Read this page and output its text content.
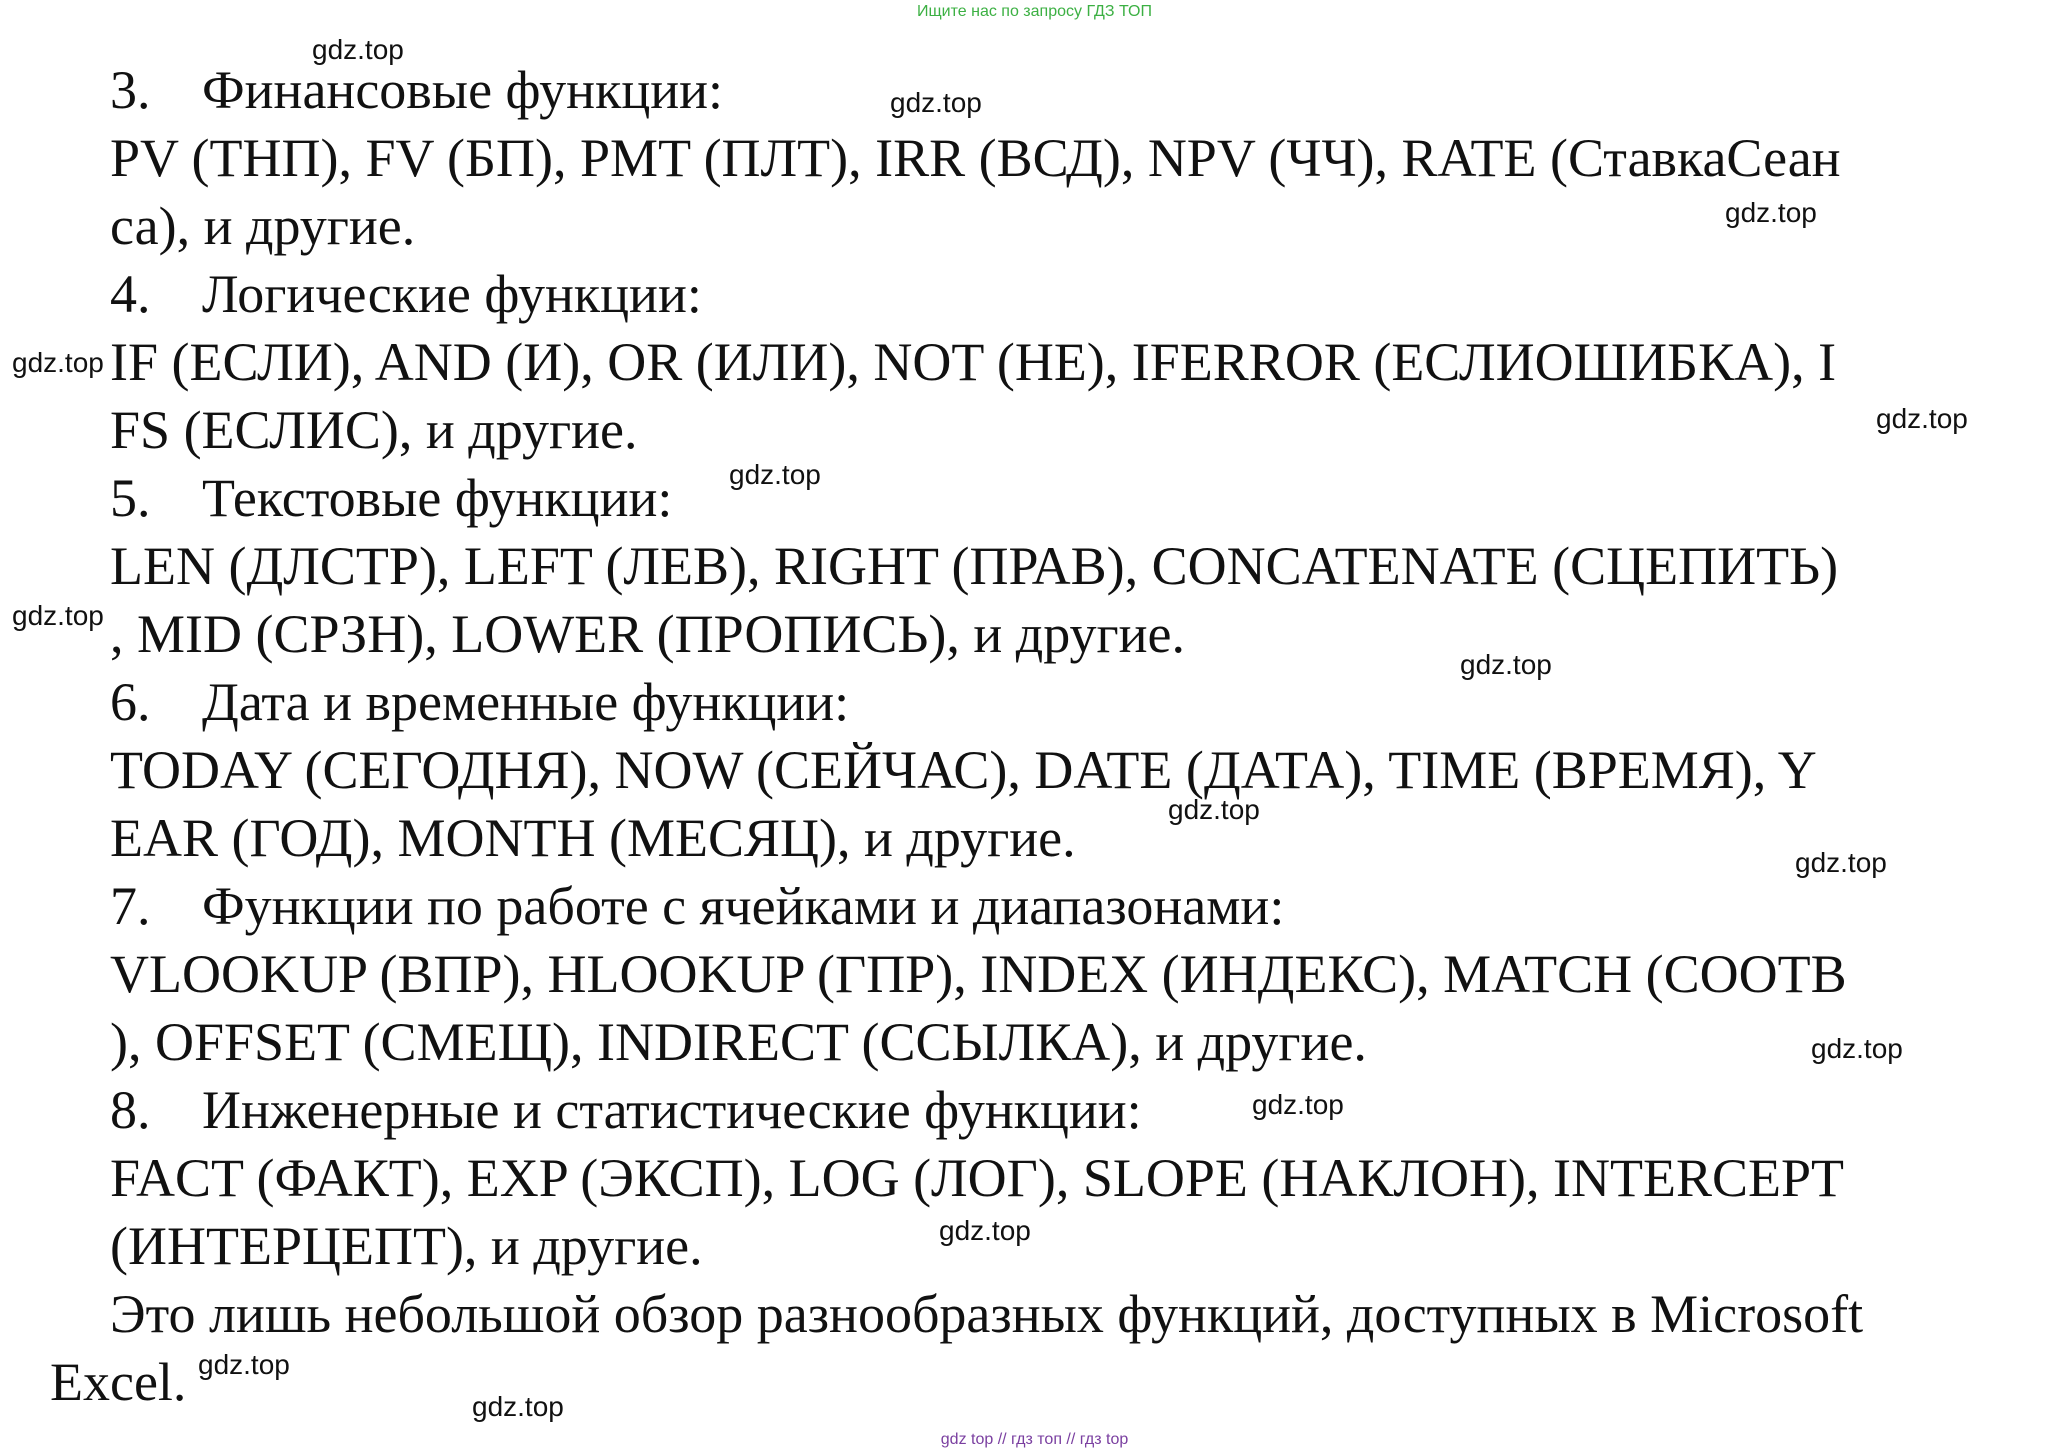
Ищите нас по запросу ГДЗ ТОП
3. Финансовые функции:
PV (ТНП), FV (БП), PMT (ПЛТ), IRR (ВСД), NPV (ЧЧ), RATE (СтавкаСеан
са), и другие.
4. Логические функции:
IF (ЕСЛИ), AND (И), OR (ИЛИ), NOT (НЕ), IFERROR (ЕСЛИОШИБКА), I
FS (ЕСЛИС), и другие.
5. Текстовые функции:
LEN (ДЛСТР), LEFT (ЛЕВ), RIGHT (ПРАВ), CONCATENATE (СЦЕПИТЬ)
, MID (СРЗН), LOWER (ПРОПИСЬ), и другие.
6. Дата и временные функции:
TODAY (СЕГОДНЯ), NOW (СЕЙЧАС), DATE (ДАТА), TIME (ВРЕМЯ), Y
EAR (ГОД), MONTH (МЕСЯЦ), и другие.
7. Функции по работе с ячейками и диапазонами:
VLOOKUP (ВПР), HLOOKUP (ГПР), INDEX (ИНДЕКС), MATCH (СООТВ
), OFFSET (СМЕЩ), INDIRECT (ССЫЛКА), и другие.
8. Инженерные и статистические функции:
FACT (ФАКТ), EXP (ЭКСП), LOG (ЛОГ), SLOPE (НАКЛОН), INTERCEPT
(ИНТЕРЦЕПТ), и другие.
Это лишь небольшой обзор разнообразных функций, доступных в Microsoft
Excel.
gdz.top
gdz.top
gdz.top
gdz.top
gdz.top
gdz.top
gdz.top
gdz.top
gdz.top
gdz.top
gdz.top
gdz.top
gdz.top
gdz.top
gdz.top
gdz top // гдз топ // гдз top
